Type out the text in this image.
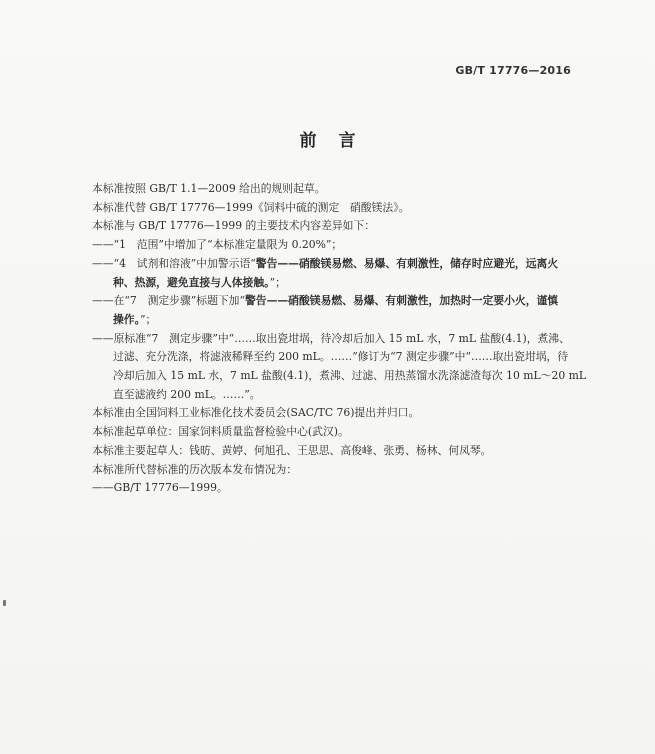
GB/T 17776—2016
前言

本标准按照 GB/T 1.1—2009 给出的规则起草。

本标准代替 GB/T 17776—1999《饲料中硫的测定　硝酸镁法》。

本标准与 GB/T 17776—1999 的主要技术内容差异如下：

——“1　范围”中增加了“本标准定量限为 0.20%”；

——“4　试剂和溶液”中加警示语“警告——硝酸镁易燃、易爆、有刺激性，储存时应避光，远离火

种、热源，避免直接与人体接触。”；

——在“7　测定步骤”标题下加“警告——硝酸镁易燃、易爆、有刺激性，加热时一定要小火，谨慎

操作。”；

——原标准“7　测定步骤”中“……取出瓷坩埚，待冷却后加入 15 mL 水，7 mL 盐酸(4.1)，煮沸、

过滤、充分洗涤，将滤液稀释至约 200 mL。……”修订为“7 测定步骤”中“……取出瓷坩埚，待

冷却后加入 15 mL 水，7 mL 盐酸(4.1)，煮沸、过滤、用热蒸馏水洗涤滤渣每次 10 mL～20 mL

直至滤液约 200 mL。……”。

本标准由全国饲料工业标准化技术委员会(SAC/TC 76)提出并归口。

本标准起草单位：国家饲料质量监督检验中心(武汉)。

本标准主要起草人：钱昉、黄婷、何旭孔、王思思、高俊峰、张勇、杨林、何凤琴。

本标准所代替标准的历次版本发布情况为：

——GB/T 17776—1999。
